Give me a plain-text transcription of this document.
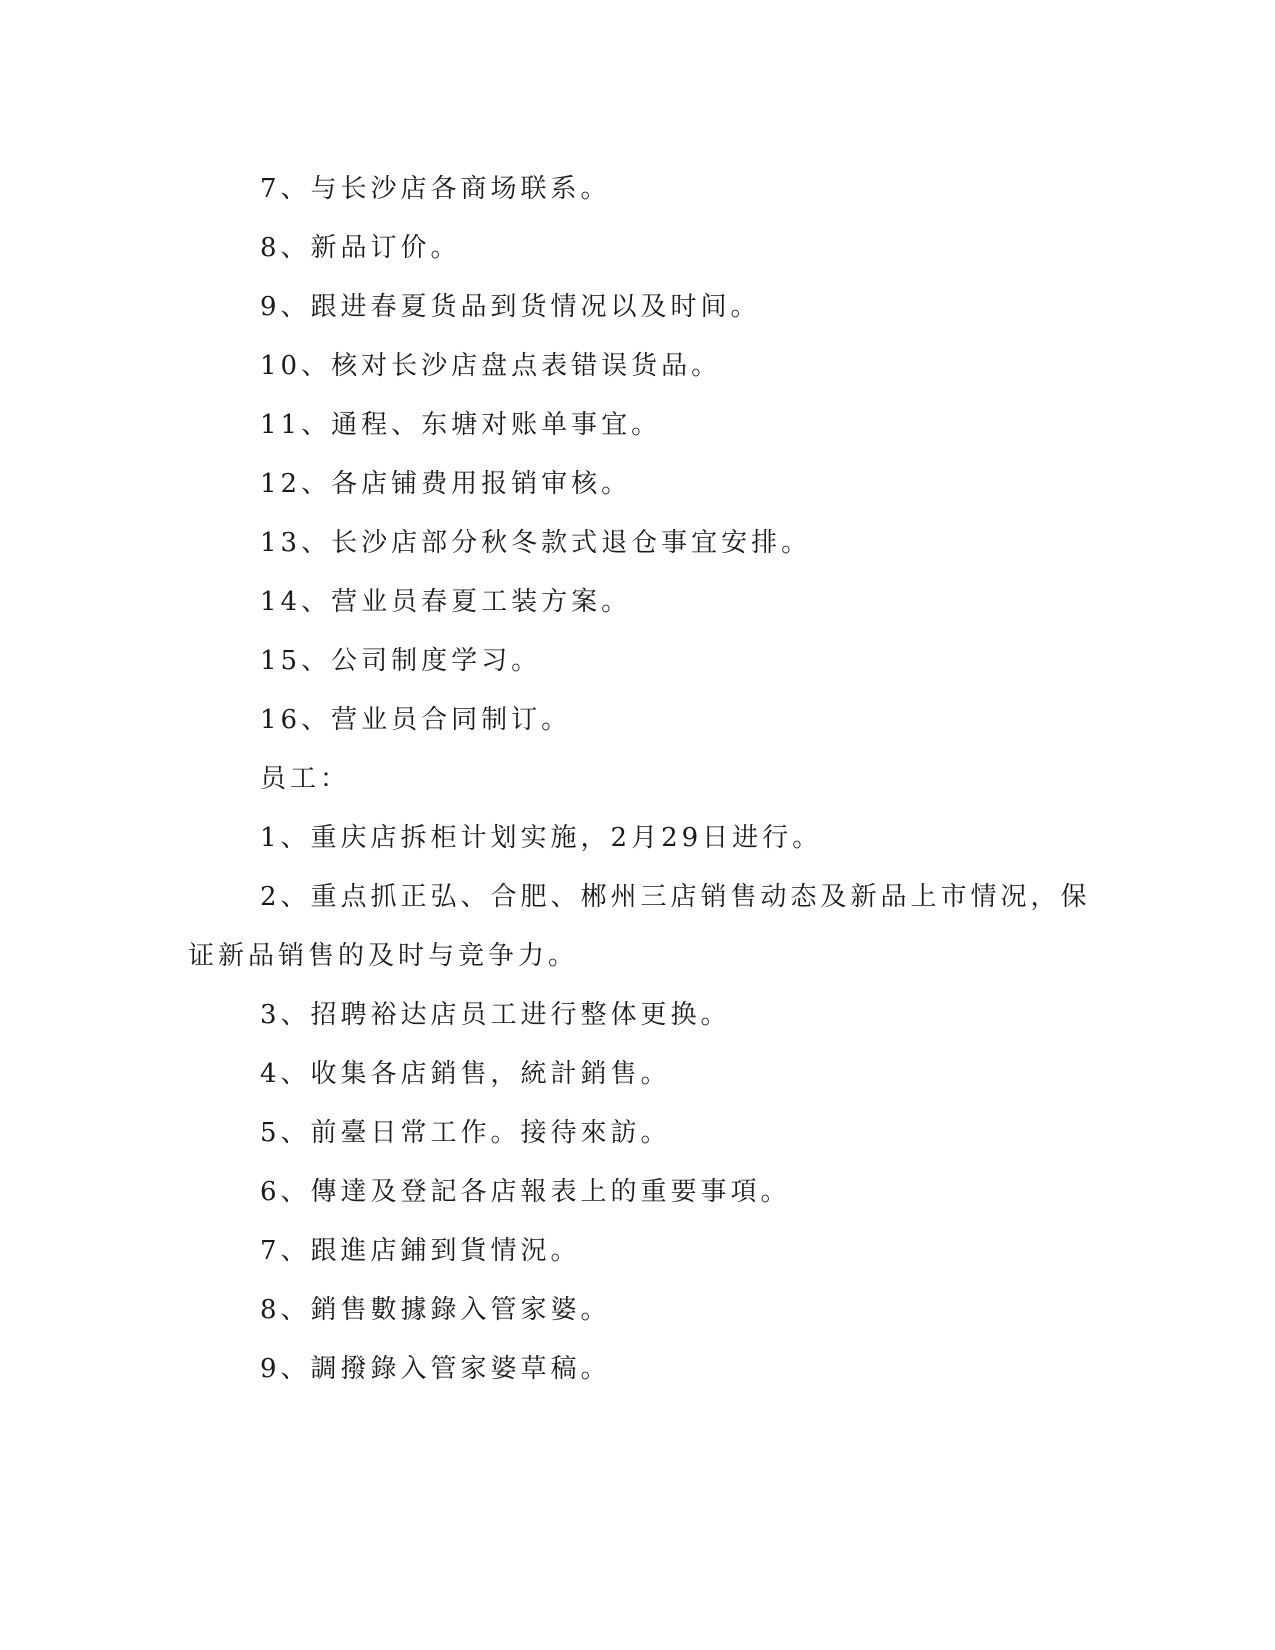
7、与长沙店各商场联系。

8、新品订价。

9、跟进春夏货品到货情况以及时间。

10、核对长沙店盘点表错误货品。

11、通程、东塘对账单事宜。

12、各店铺费用报销审核。

13、长沙店部分秋冬款式退仓事宜安排。

14、营业员春夏工装方案。

15、公司制度学习。

16、营业员合同制订。

员工：

1、重庆店拆柜计划实施，2月29日进行。

2、重点抓正弘、合肥、郴州三店销售动态及新品上市情况，保

证新品销售的及时与竞争力。

3、招聘裕达店员工进行整体更换。

4、收集各店銷售，統計銷售。

5、前臺日常工作。接待來訪。

6、傳達及登記各店報表上的重要事項。

7、跟進店鋪到貨情況。

8、銷售數據錄入管家婆。

9、調撥錄入管家婆草稿。
